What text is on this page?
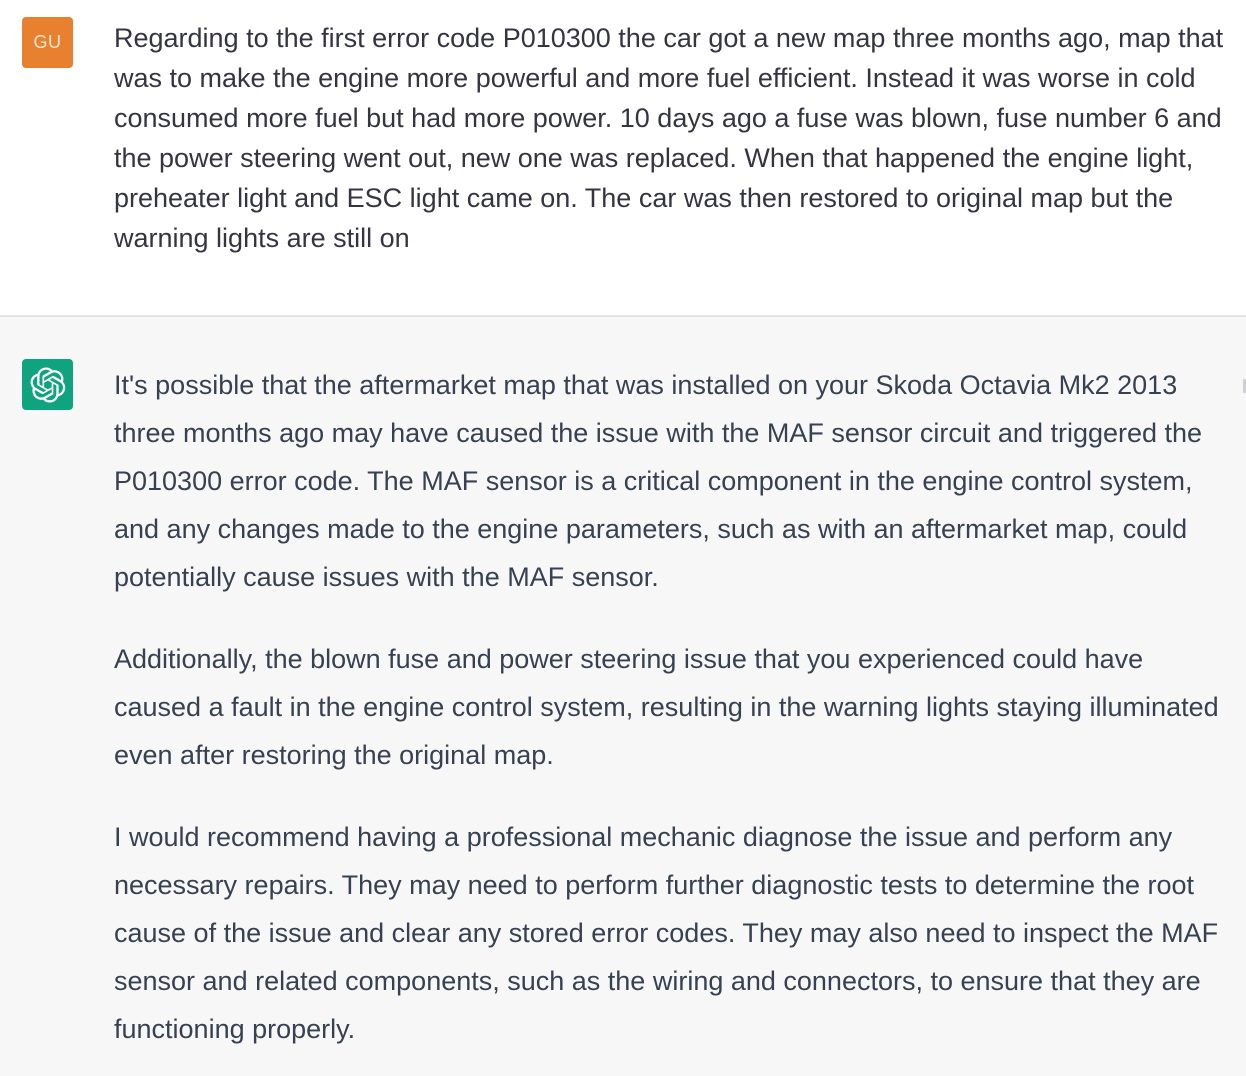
GU Regarding to the first error code P010300 the car got a new map three months ago, map that was to make the engine more powerful and more fuel efficient. Instead it was worse in cold consumed more fuel but had more power. 10 days ago a fuse was blown, fuse number 6 and the power steering went out, new one was replaced. When that happened the engine light, preheater light and ESC light came on. The car was then restored to original map but the warning lights are still on

It's possible that the aftermarket map that was installed on your Skoda Octavia Mk2 2013 three months ago may have caused the issue with the MAF sensor circuit and triggered the P010300 error code. The MAF sensor is a critical component in the engine control system, and any changes made to the engine parameters, such as with an aftermarket map, could potentially cause issues with the MAF sensor.

Additionally, the blown fuse and power steering issue that you experienced could have caused a fault in the engine control system, resulting in the warning lights staying illuminated even after restoring the original map.

I would recommend having a professional mechanic diagnose the issue and perform any necessary repairs. They may need to perform further diagnostic tests to determine the root cause of the issue and clear any stored error codes. They may also need to inspect the MAF sensor and related components, such as the wiring and connectors, to ensure that they are functioning properly.
